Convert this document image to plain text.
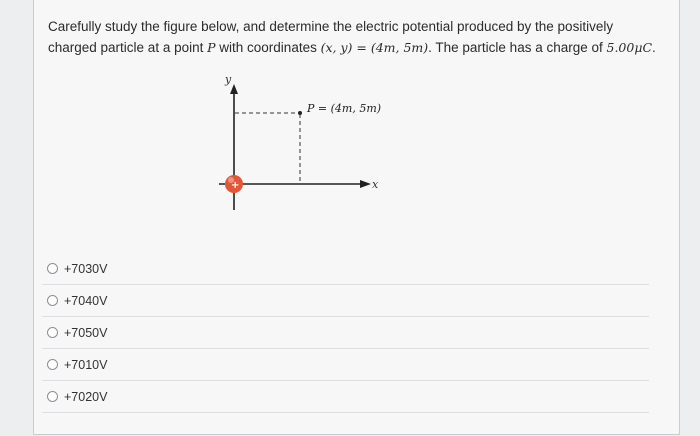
Carefully study the figure below, and determine the electric potential produced by the positively
charged particle at a point P with coordinates (x, y) = (4m, 5m). The particle has a charge of 5.00μC.
y
x
P = (4m, 5m)
+
+7030V
+7040V
+7050V
+7010V
+7020V
